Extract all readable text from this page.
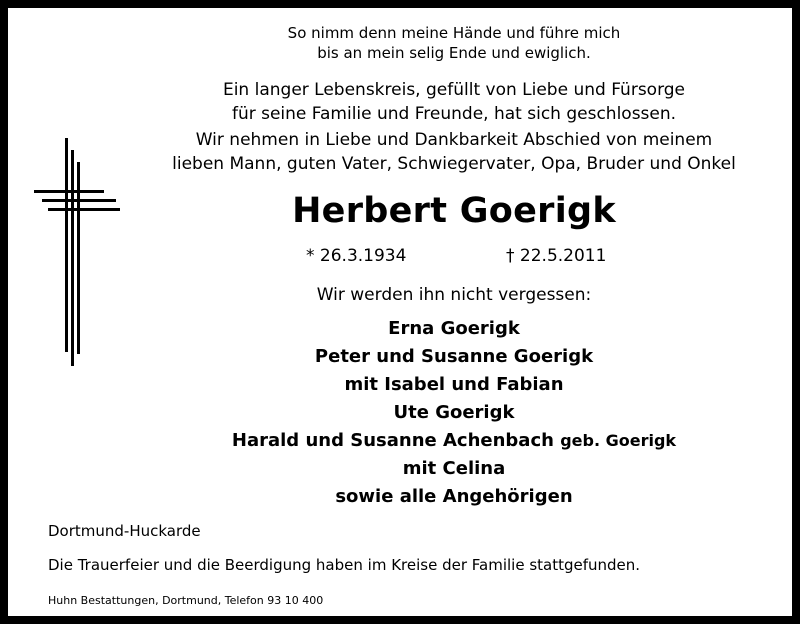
So nimm denn meine Hände und führe mich
bis an mein selig Ende und ewiglich.
Ein langer Lebenskreis, gefüllt von Liebe und Fürsorge
für seine Familie und Freunde, hat sich geschlossen.
Wir nehmen in Liebe und Dankbarkeit Abschied von meinem
lieben Mann, guten Vater, Schwiegervater, Opa, Bruder und Onkel
Herbert Goerigk
* 26.3.1934	† 22.5.2011
Wir werden ihn nicht vergessen:
Erna Goerigk
Peter und Susanne Goerigk
mit Isabel und Fabian
Ute Goerigk
Harald und Susanne Achenbach geb. Goerigk
mit Celina
sowie alle Angehörigen
Dortmund-Huckarde
Die Trauerfeier und die Beerdigung haben im Kreise der Familie stattgefunden.
Huhn Bestattungen, Dortmund, Telefon 93 10 400
